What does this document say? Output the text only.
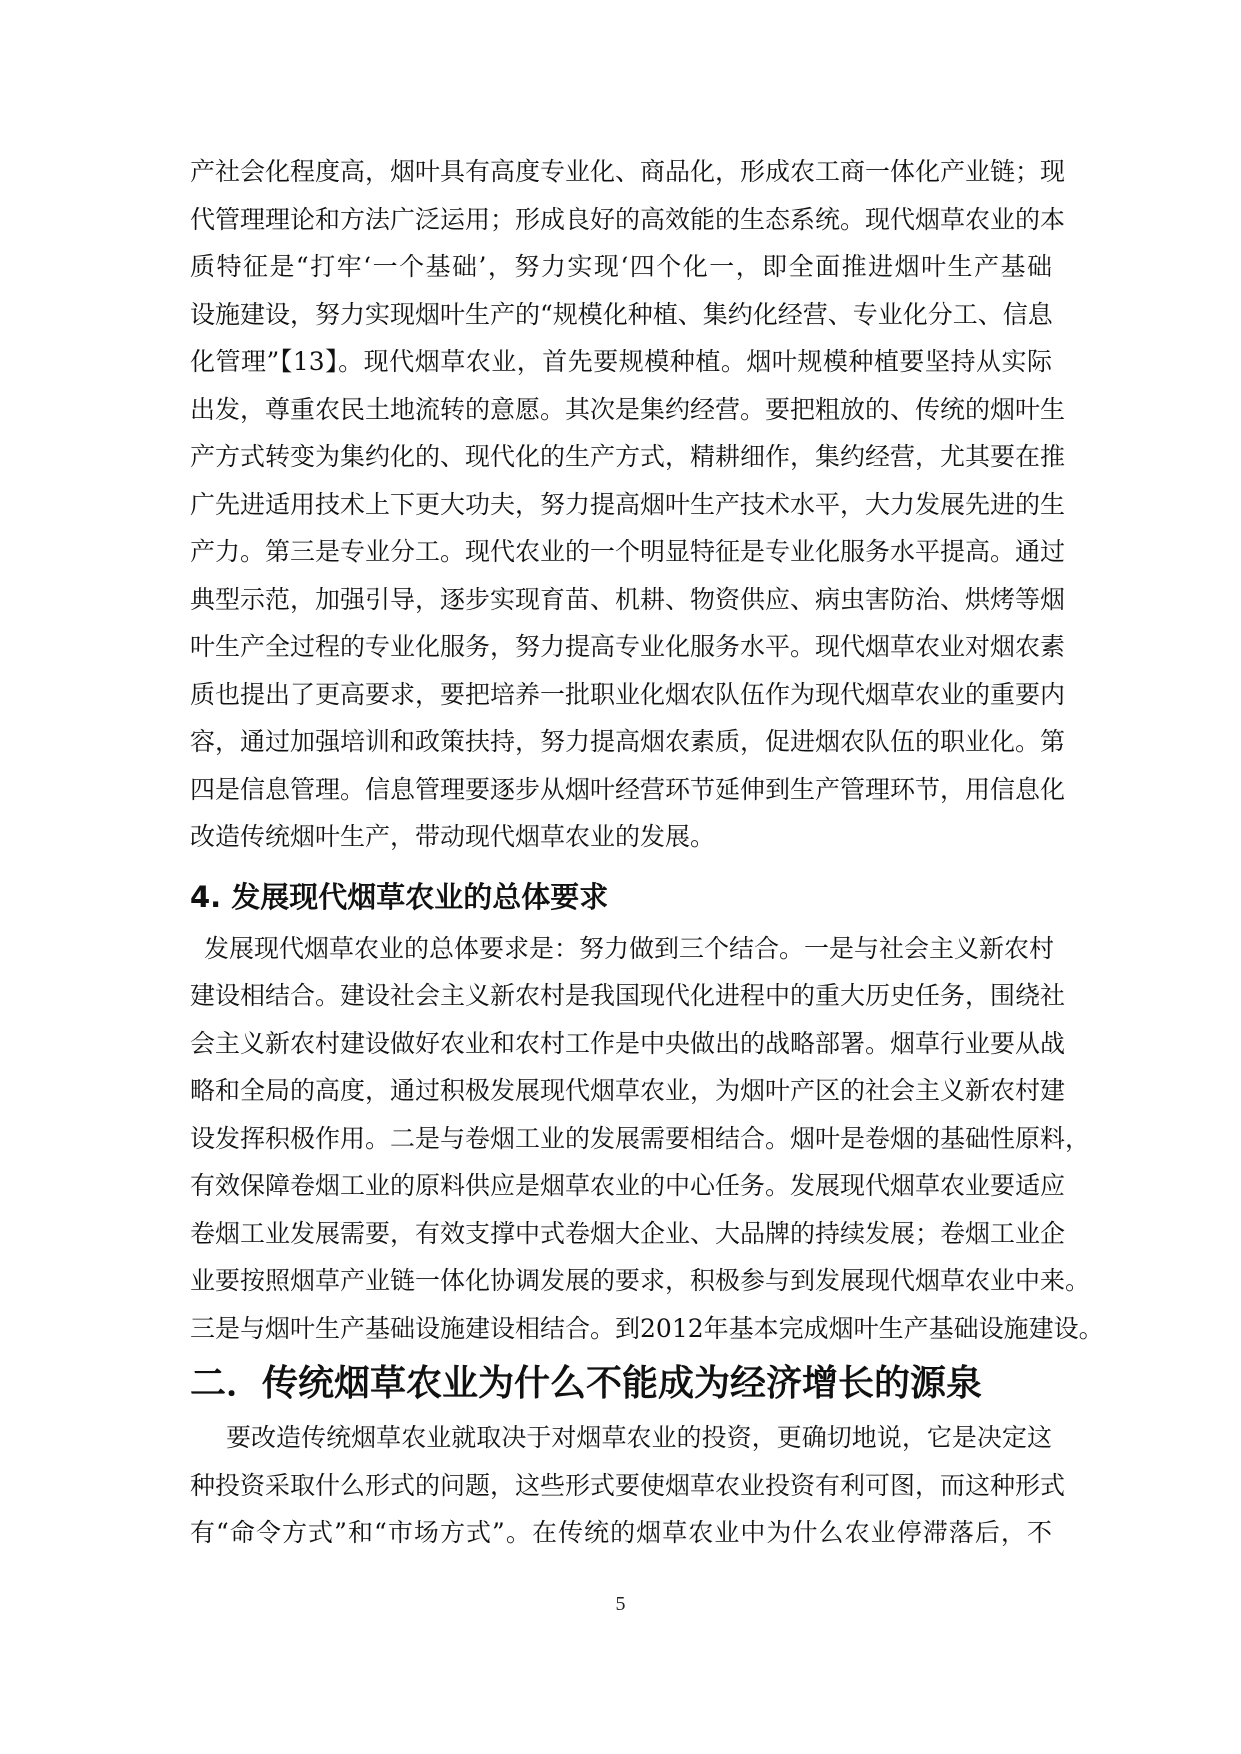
产社会化程度高，烟叶具有高度专业化、商品化，形成农工商一体化产业链；现
代管理理论和方法广泛运用；形成良好的高效能的生态系统。现代烟草农业的本
质特征是“打牢‘一个基础’，努力实现‘四个化一，即全面推进烟叶生产基础
设施建设，努力实现烟叶生产的“规模化种植、集约化经营、专业化分工、信息
化管理”【13】。现代烟草农业，首先要规模种植。烟叶规模种植要坚持从实际
出发，尊重农民土地流转的意愿。其次是集约经营。要把粗放的、传统的烟叶生
产方式转变为集约化的、现代化的生产方式，精耕细作，集约经营，尤其要在推
广先进适用技术上下更大功夫，努力提高烟叶生产技术水平，大力发展先进的生
产力。第三是专业分工。现代农业的一个明显特征是专业化服务水平提高。通过
典型示范，加强引导，逐步实现育苗、机耕、物资供应、病虫害防治、烘烤等烟
叶生产全过程的专业化服务，努力提高专业化服务水平。现代烟草农业对烟农素
质也提出了更高要求，要把培养一批职业化烟农队伍作为现代烟草农业的重要内
容，通过加强培训和政策扶持，努力提高烟农素质，促进烟农队伍的职业化。第
四是信息管理。信息管理要逐步从烟叶经营环节延伸到生产管理环节，用信息化
改造传统烟叶生产，带动现代烟草农业的发展。
4. 发展现代烟草农业的总体要求
发展现代烟草农业的总体要求是：努力做到三个结合。一是与社会主义新农村
建设相结合。建设社会主义新农村是我国现代化进程中的重大历史任务，围绕社
会主义新农村建设做好农业和农村工作是中央做出的战略部署。烟草行业要从战
略和全局的高度，通过积极发展现代烟草农业，为烟叶产区的社会主义新农村建
设发挥积极作用。二是与卷烟工业的发展需要相结合。烟叶是卷烟的基础性原料，
有效保障卷烟工业的原料供应是烟草农业的中心任务。发展现代烟草农业要适应
卷烟工业发展需要，有效支撑中式卷烟大企业、大品牌的持续发展；卷烟工业企
业要按照烟草产业链一体化协调发展的要求，积极参与到发展现代烟草农业中来。
三是与烟叶生产基础设施建设相结合。到2012年基本完成烟叶生产基础设施建设。
二．传统烟草农业为什么不能成为经济增长的源泉
要改造传统烟草农业就取决于对烟草农业的投资，更确切地说，它是决定这
种投资采取什么形式的问题，这些形式要使烟草农业投资有利可图，而这种形式
有“命令方式”和“市场方式”。在传统的烟草农业中为什么农业停滞落后，不
5
